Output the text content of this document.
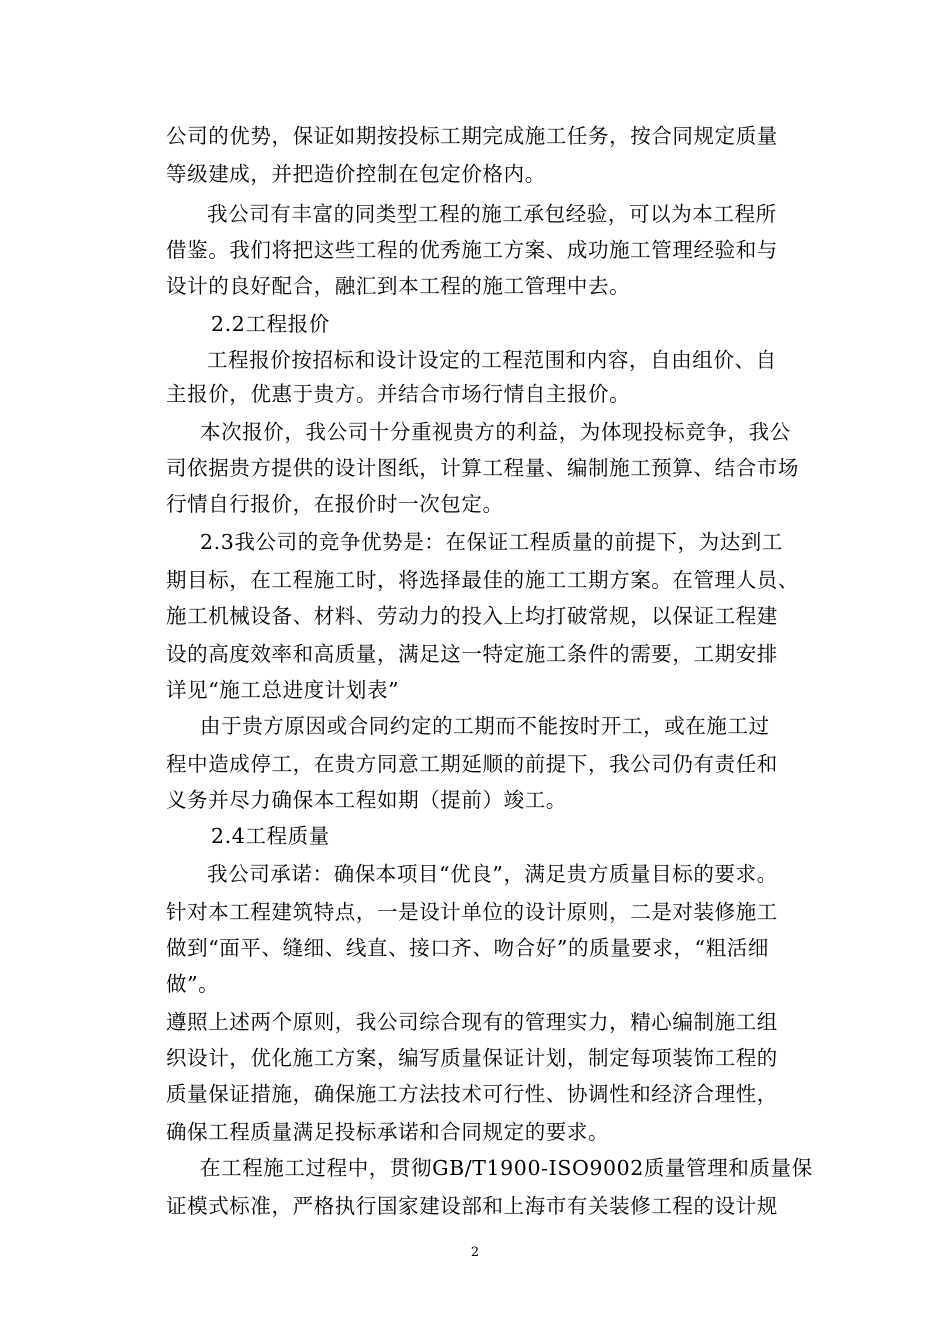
公司的优势，保证如期按投标工期完成施工任务，按合同规定质量
等级建成，并把造价控制在包定价格内。
我公司有丰富的同类型工程的施工承包经验，可以为本工程所
借鉴。我们将把这些工程的优秀施工方案、成功施工管理经验和与
设计的良好配合，融汇到本工程的施工管理中去。
2.2工程报价
工程报价按招标和设计设定的工程范围和内容，自由组价、自
主报价，优惠于贵方。并结合市场行情自主报价。
本次报价，我公司十分重视贵方的利益，为体现投标竞争，我公
司依据贵方提供的设计图纸，计算工程量、编制施工预算、结合市场
行情自行报价，在报价时一次包定。
2.3我公司的竞争优势是：在保证工程质量的前提下，为达到工
期目标，在工程施工时，将选择最佳的施工工期方案。在管理人员、
施工机械设备、材料、劳动力的投入上均打破常规，以保证工程建
设的高度效率和高质量，满足这一特定施工条件的需要，工期安排
详见“施工总进度计划表”
由于贵方原因或合同约定的工期而不能按时开工，或在施工过
程中造成停工，在贵方同意工期延顺的前提下，我公司仍有责任和
义务并尽力确保本工程如期（提前）竣工。
2.4工程质量
我公司承诺：确保本项目“优良”，满足贵方质量目标的要求。
针对本工程建筑特点，一是设计单位的设计原则，二是对装修施工
做到“面平、缝细、线直、接口齐、吻合好”的质量要求，“粗活细
做”。
遵照上述两个原则，我公司综合现有的管理实力，精心编制施工组
织设计，优化施工方案，编写质量保证计划，制定每项装饰工程的
质量保证措施，确保施工方法技术可行性、协调性和经济合理性，
确保工程质量满足投标承诺和合同规定的要求。
在工程施工过程中，贯彻GB/T1900-ISO9002质量管理和质量保
证模式标准，严格执行国家建设部和上海市有关装修工程的设计规
2
